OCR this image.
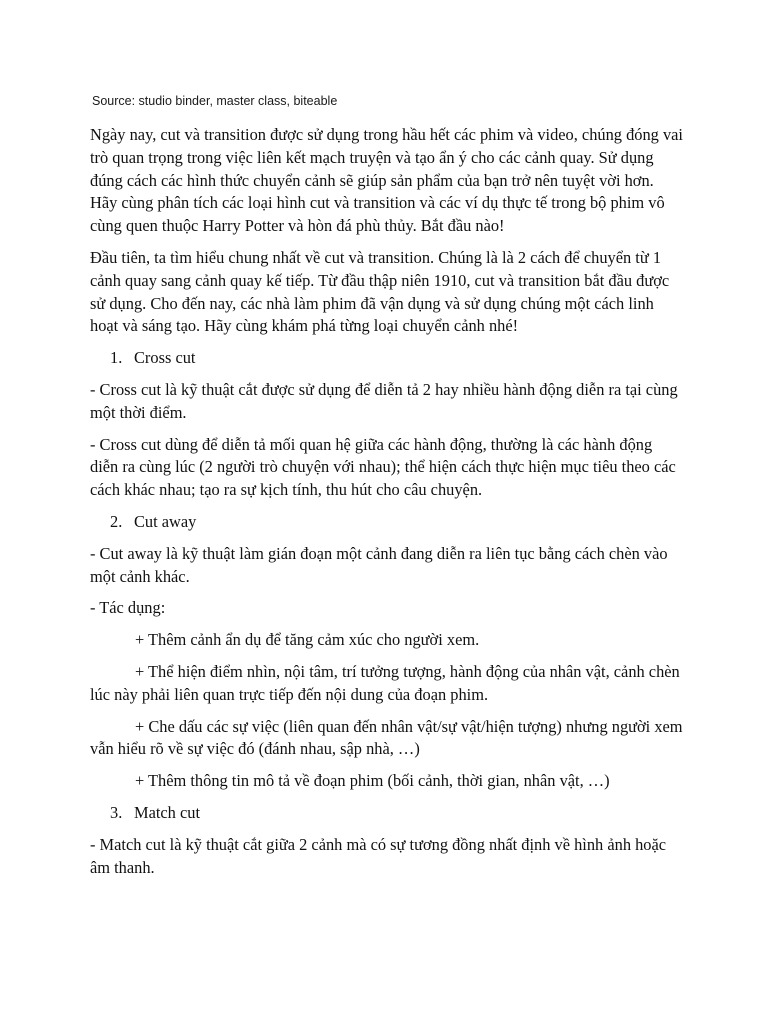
Source: studio binder, master class, biteable

Ngày nay, cut và transition được sử dụng trong hầu hết các phim và video, chúng đóng vai trò quan trọng trong việc liên kết mạch truyện và tạo ẩn ý cho các cảnh quay. Sử dụng đúng cách các hình thức chuyển cảnh sẽ giúp sản phẩm của bạn trở nên tuyệt vời hơn. Hãy cùng phân tích các loại hình cut và transition và các ví dụ thực tế trong bộ phim vô cùng quen thuộc Harry Potter và hòn đá phù thủy. Bắt đầu nào!

Đầu tiên, ta tìm hiểu chung nhất về cut và transition. Chúng là là 2 cách để chuyển từ 1 cảnh quay sang cảnh quay kế tiếp. Từ đầu thập niên 1910, cut và transition bắt đầu được sử dụng. Cho đến nay, các nhà làm phim đã vận dụng và sử dụng chúng một cách linh hoạt và sáng tạo. Hãy cùng khám phá từng loại chuyển cảnh nhé!

1. Cross cut

- Cross cut là kỹ thuật cắt được sử dụng để diễn tả 2 hay nhiều hành động diễn ra tại cùng một thời điểm.

- Cross cut dùng để diễn tả mối quan hệ giữa các hành động, thường là các hành động diễn ra cùng lúc (2 người trò chuyện với nhau); thể hiện cách thực hiện mục tiêu theo các cách khác nhau; tạo ra sự kịch tính, thu hút cho câu chuyện.

2. Cut away

- Cut away là kỹ thuật làm gián đoạn một cảnh đang diễn ra liên tục bằng cách chèn vào một cảnh khác.

- Tác dụng:

+ Thêm cảnh ẩn dụ để tăng cảm xúc cho người xem.

+ Thể hiện điểm nhìn, nội tâm, trí tưởng tượng, hành động của nhân vật, cảnh chèn lúc này phải liên quan trực tiếp đến nội dung của đoạn phim.

+ Che dấu các sự việc (liên quan đến nhân vật/sự vật/hiện tượng) nhưng người xem vẫn hiểu rõ về sự việc đó (đánh nhau, sập nhà, …)

+ Thêm thông tin mô tả về đoạn phim (bối cảnh, thời gian, nhân vật, …)

3. Match cut

- Match cut là kỹ thuật cắt giữa 2 cảnh mà có sự tương đồng nhất định về hình ảnh hoặc âm thanh.
